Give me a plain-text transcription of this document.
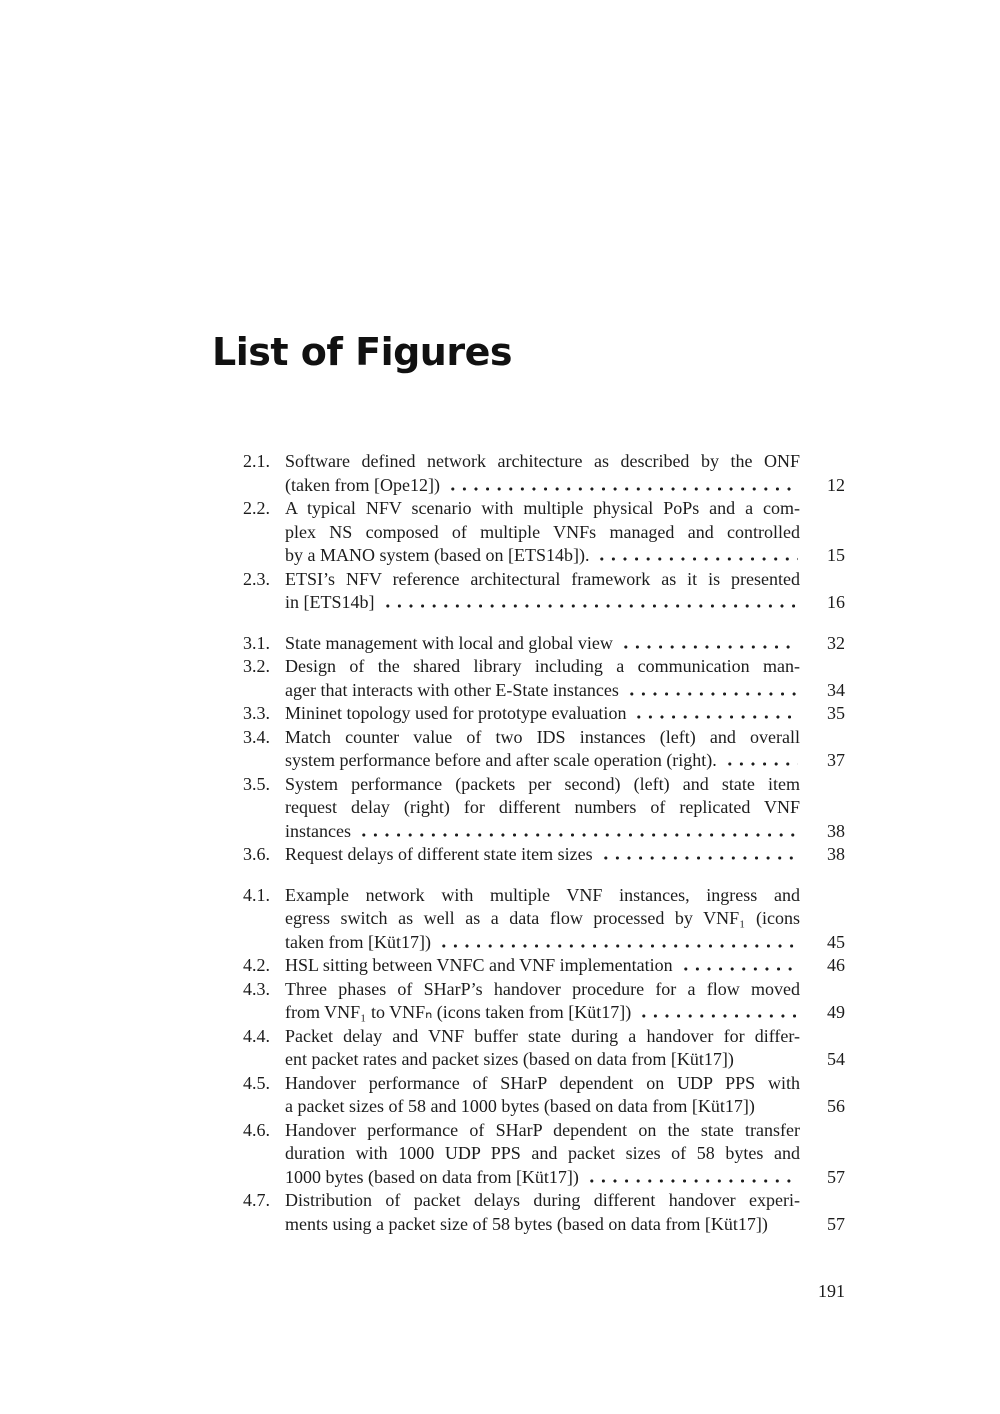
List of Figures
2.1. Software defined network architecture as described by the ONF
(taken from [Ope12])	12
2.2. A typical NFV scenario with multiple physical PoPs and a com-
plex NS composed of multiple VNFs managed and controlled
by a MANO system (based on [ETS14b]).	15
2.3. ETSI’s NFV reference architectural framework as it is presented
in [ETS14b]	16
3.1. State management with local and global view	32
3.2. Design of the shared library including a communication man-
ager that interacts with other E-State instances	34
3.3. Mininet topology used for prototype evaluation	35
3.4. Match counter value of two IDS instances (left) and overall
system performance before and after scale operation (right).	37
3.5. System performance (packets per second) (left) and state item
request delay (right) for different numbers of replicated VNF
instances	38
3.6. Request delays of different state item sizes	38
4.1. Example network with multiple VNF instances, ingress and
egress switch as well as a data flow processed by VNF₁ (icons
taken from [Küt17])	45
4.2. HSL sitting between VNFC and VNF implementation	46
4.3. Three phases of SHarP’s handover procedure for a flow moved
from VNF₁ to VNFₙ (icons taken from [Küt17])	49
4.4. Packet delay and VNF buffer state during a handover for differ-
ent packet rates and packet sizes (based on data from [Küt17])	54
4.5. Handover performance of SHarP dependent on UDP PPS with
a packet sizes of 58 and 1000 bytes (based on data from [Küt17])	56
4.6. Handover performance of SHarP dependent on the state transfer
duration with 1000 UDP PPS and packet sizes of 58 bytes and
1000 bytes (based on data from [Küt17])	57
4.7. Distribution of packet delays during different handover experi-
ments using a packet size of 58 bytes (based on data from [Küt17])	57
191
